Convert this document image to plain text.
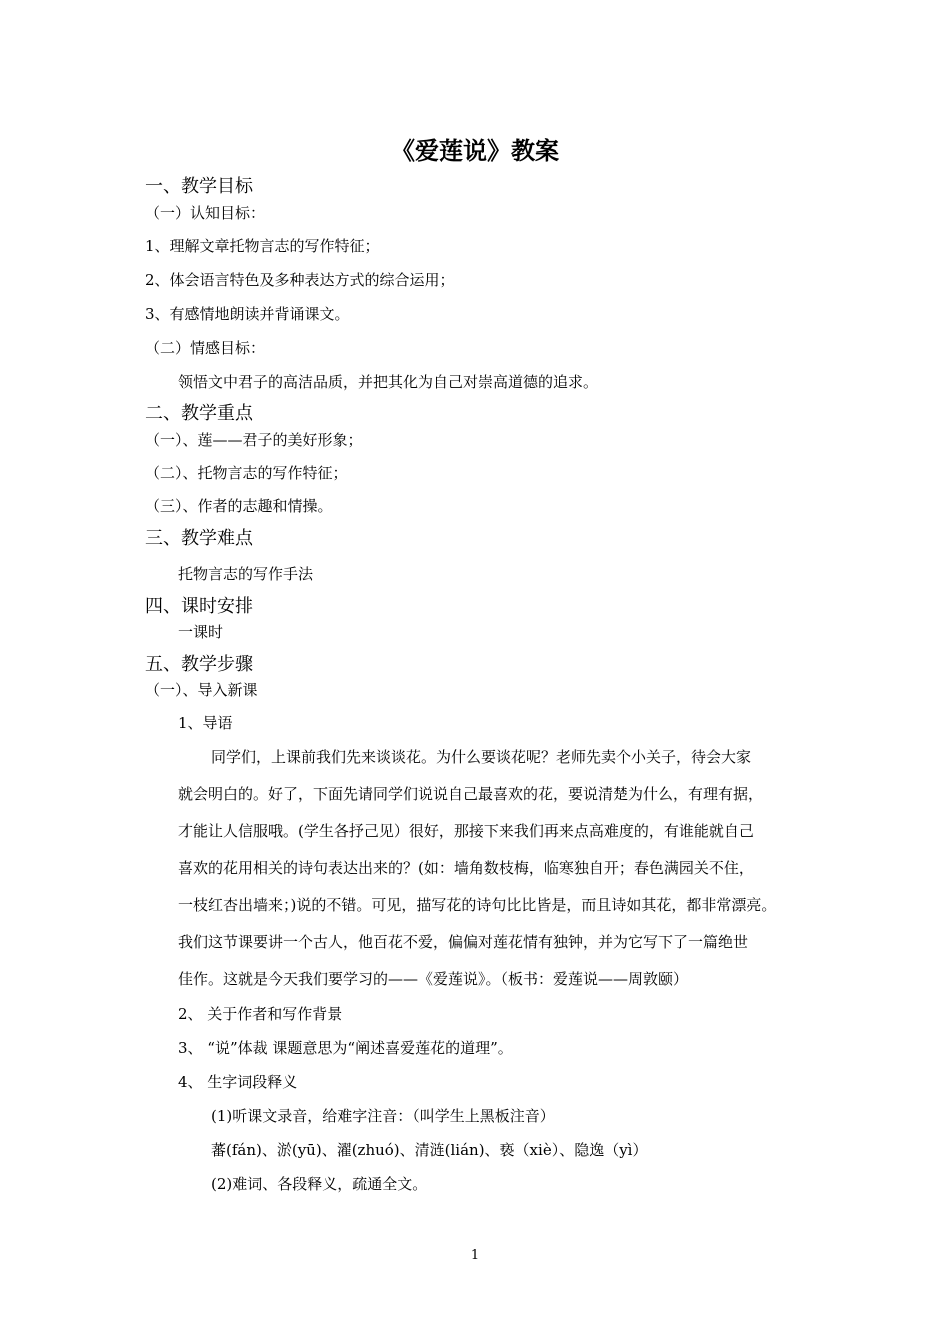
《爱莲说》教案
一、教学目标
（一）认知目标：
1、理解文章托物言志的写作特征；
2、体会语言特色及多种表达方式的综合运用；
3、有感情地朗读并背诵课文。
（二）情感目标：
领悟文中君子的高洁品质，并把其化为自己对崇高道德的追求。
二、教学重点
（一）、莲——君子的美好形象；
（二）、托物言志的写作特征；
（三）、作者的志趣和情操。
三、教学难点
托物言志的写作手法
四、课时安排
一课时
五、教学步骤
（一）、导入新课
1、导语
同学们，上课前我们先来谈谈花。为什么要谈花呢？老师先卖个小关子，待会大家
就会明白的。好了，下面先请同学们说说自己最喜欢的花，要说清楚为什么，有理有据，
才能让人信服哦。(学生各抒己见）很好，那接下来我们再来点高难度的，有谁能就自己
喜欢的花用相关的诗句表达出来的？(如：墙角数枝梅，临寒独自开；春色满园关不住，
一枝红杏出墙来；)说的不错。可见，描写花的诗句比比皆是，而且诗如其花，都非常漂亮。
我们这节课要讲一个古人，他百花不爱，偏偏对莲花情有独钟，并为它写下了一篇绝世
佳作。这就是今天我们要学习的——《爱莲说》。（板书：爱莲说——周敦颐）
2、 关于作者和写作背景
3、 “说”体裁 课题意思为“阐述喜爱莲花的道理”。
4、 生字词段释义
(1)听课文录音，给难字注音：（叫学生上黑板注音）
蕃(fán)、淤(yū)、濯(zhuó)、清涟(lián)、亵（xiè）、隐逸（yì）
(2)难词、各段释义，疏通全文。
1
